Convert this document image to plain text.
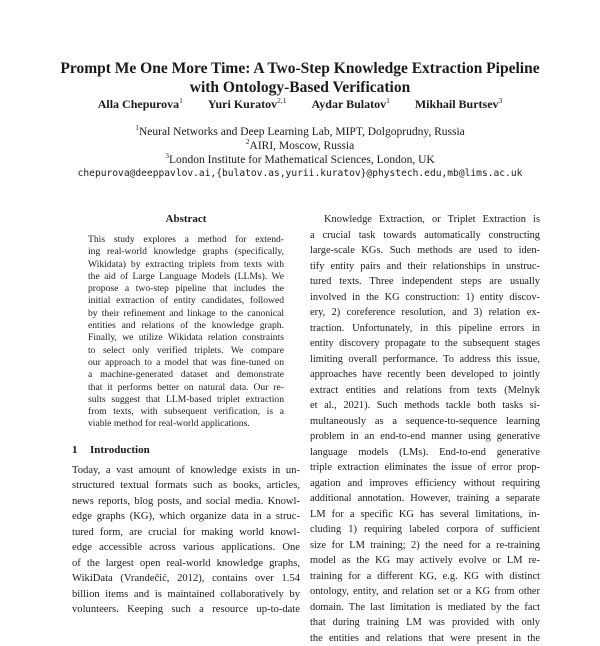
Prompt Me One More Time: A Two-Step Knowledge Extraction Pipeline
with Ontology-Based Verification
Alla Chepurova$^1$ Yuri Kuratov$^{2,1}$ Aydar Bulatov$^1$ Mikhail Burtsev$^3$
$^1$Neural Networks and Deep Learning Lab, MIPT, Dolgoprudny, Russia
$^2$AIRI, Moscow, Russia
$^3$London Institute for Mathematical Sciences, London, UK
chepurova@deeppavlov.ai,{bulatov.as,yurii.kuratov}@phystech.edu,mb@lims.ac.uk
Abstract
This study explores a method for extend-
ing real-world knowledge graphs (specifically,
Wikidata) by extracting triplets from texts with
the aid of Large Language Models (LLMs). We
propose a two-step pipeline that includes the
initial extraction of entity candidates, followed
by their refinement and linkage to the canonical
entities and relations of the knowledge graph.
Finally, we utilize Wikidata relation constraints
to select only verified triplets. We compare
our approach to a model that was fine-tuned on
a machine-generated dataset and demonstrate
that it performs better on natural data. Our re-
sults suggest that LLM-based triplet extraction
from texts, with subsequent verification, is a
viable method for real-world applications.
1 Introduction
Today, a vast amount of knowledge exists in un-
structured textual formats such as books, articles,
news reports, blog posts, and social media. Knowl-
edge graphs (KG), which organize data in a struc-
tured form, are crucial for making world knowl-
edge accessible across various applications. One
of the largest open real-world knowledge graphs,
WikiData (Vrandečić, 2012), contains over 1.54
billion items and is maintained collaboratively by
volunteers. Keeping such a resource up-to-date
Knowledge Extraction, or Triplet Extraction is
a crucial task towards automatically constructing
large-scale KGs. Such methods are used to iden-
tify entity pairs and their relationships in unstruc-
tured texts. Three independent steps are usually
involved in the KG construction: 1) entity discov-
ery, 2) coreference resolution, and 3) relation ex-
traction. Unfortunately, in this pipeline errors in
entity discovery propagate to the subsequent stages
limiting overall performance. To address this issue,
approaches have recently been developed to jointly
extract entities and relations from texts (Melnyk
et al., 2021). Such methods tackle both tasks si-
multaneously as a sequence-to-sequence learning
problem in an end-to-end manner using generative
language models (LMs). End-to-end generative
triple extraction eliminates the issue of error prop-
agation and improves efficiency without requiring
additional annotation. However, training a separate
LM for a specific KG has several limitations, in-
cluding 1) requiring labeled corpora of sufficient
size for LM training; 2) the need for a re-training
model as the KG may actively evolve or LM re-
training for a different KG, e.g. KG with distinct
ontology, entity, and relation set or a KG from other
domain. The last limitation is mediated by the fact
that during training LM was provided with only
the entities and relations that were present in the
